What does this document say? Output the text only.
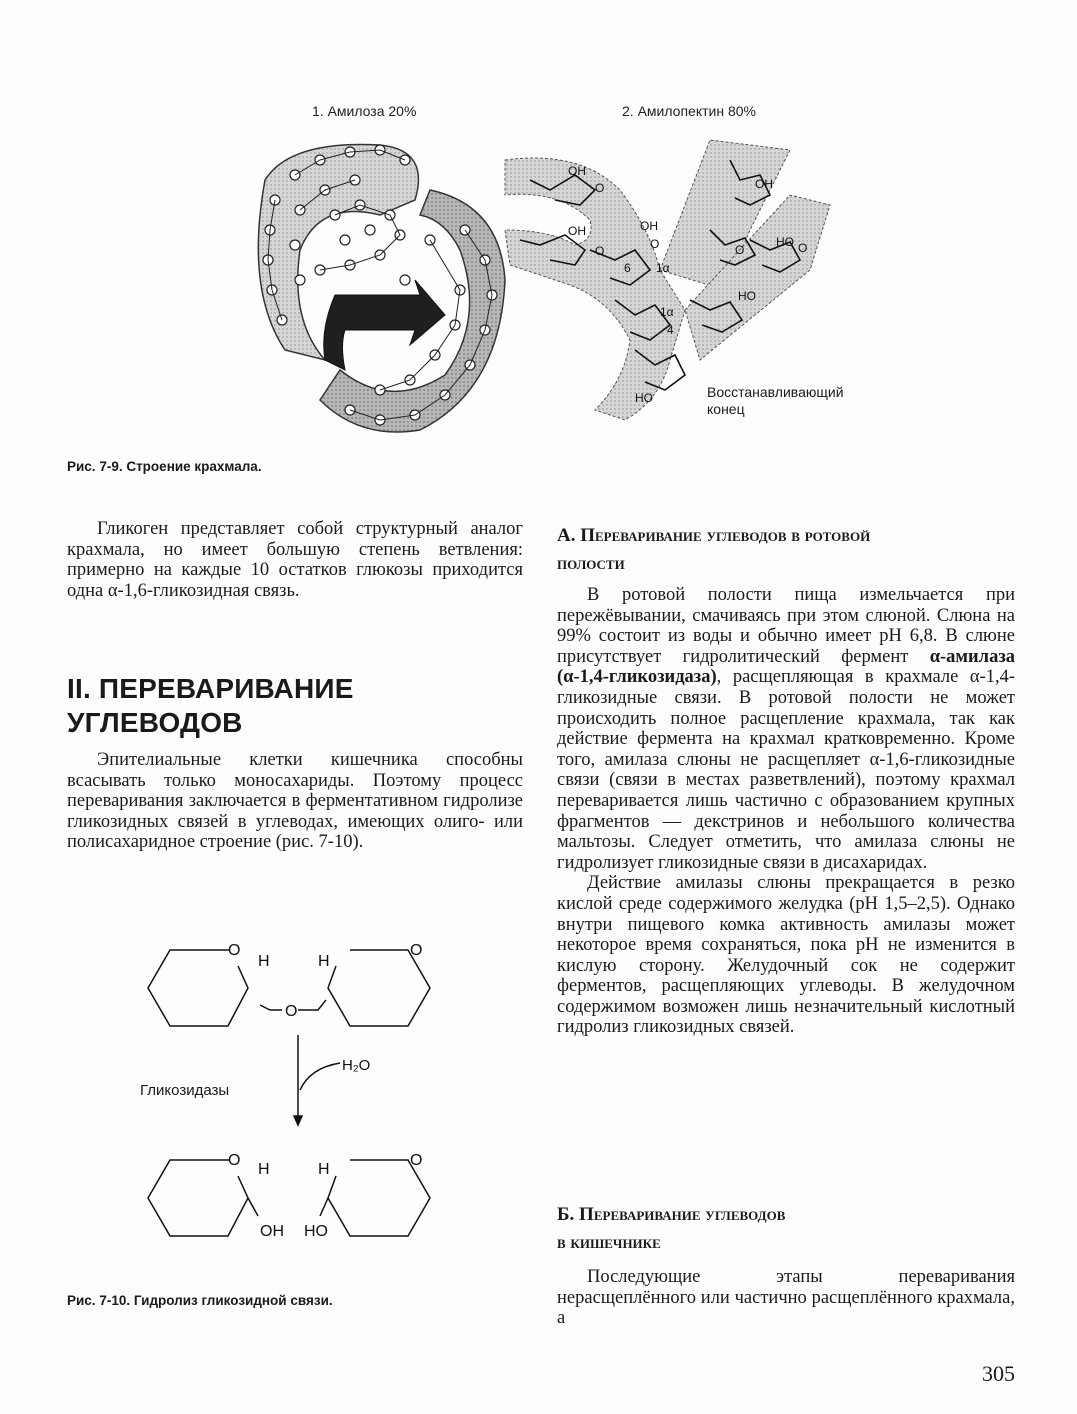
1. Амилоза 20%	2. Амилопектин 80%
OH
O
OH
O
OH
O
OH
HO
O	O
6 1α
1α
4
HO
HO	Восстанавливающий
конец
Рис. 7-9. Строение крахмала.

Гликоген представляет собой структурный аналог крахмала, но имеет большую степень ветвления: примерно на каждые 10 остатков глюкозы приходится одна α-1,6-гликозидная связь.

II. ПЕРЕВАРИВАНИЕ
УГЛЕВОДОВ

Эпителиальные клетки кишечника способны всасывать только моносахариды. Поэтому процесс переваривания заключается в ферментативном гидролизе гликозидных связей в углеводах, имеющих олиго- или полисахаридное строение (рис. 7-10).

O
H	H
O
O
H₂O
O
H	H
O
OH HO
Гликозидазы
Рис. 7-10. Гидролиз гликозидной связи.
А. Переваривание углеводов в ротовой
полости

В ротовой полости пища измельчается при пережёвывании, смачиваясь при этом слюной. Слюна на 99% состоит из воды и обычно имеет рН 6,8. В слюне присутствует гидролитический фермент α-амилаза (α-1,4-гликозидаза), расщепляющая в крахмале α-1,4-гликозидные связи. В ротовой полости не может происходить полное расщепление крахмала, так как действие фермента на крахмал кратковременно. Кроме того, амилаза слюны не расщепляет α-1,6-гликозидные связи (связи в местах разветвлений), поэтому крахмал переваривается лишь частично с образованием крупных фрагментов — декстринов и небольшого количества мальтозы. Следует отметить, что амилаза слюны не гидролизует гликозидные связи в дисахаридах.

Действие амилазы слюны прекращается в резко кислой среде содержимого желудка (рН 1,5–2,5). Однако внутри пищевого комка активность амилазы может некоторое время сохраняться, пока рН не изменится в кислую сторону. Желудочный сок не содержит ферментов, расщепляющих углеводы. В желудочном содержимом возможен лишь незначительный кислотный гидролиз гликозидных связей.

Б. Переваривание углеводов
в кишечнике

Последующие этапы переваривания нерасщеплённого или частично расщеплённого крахмала, а

305
